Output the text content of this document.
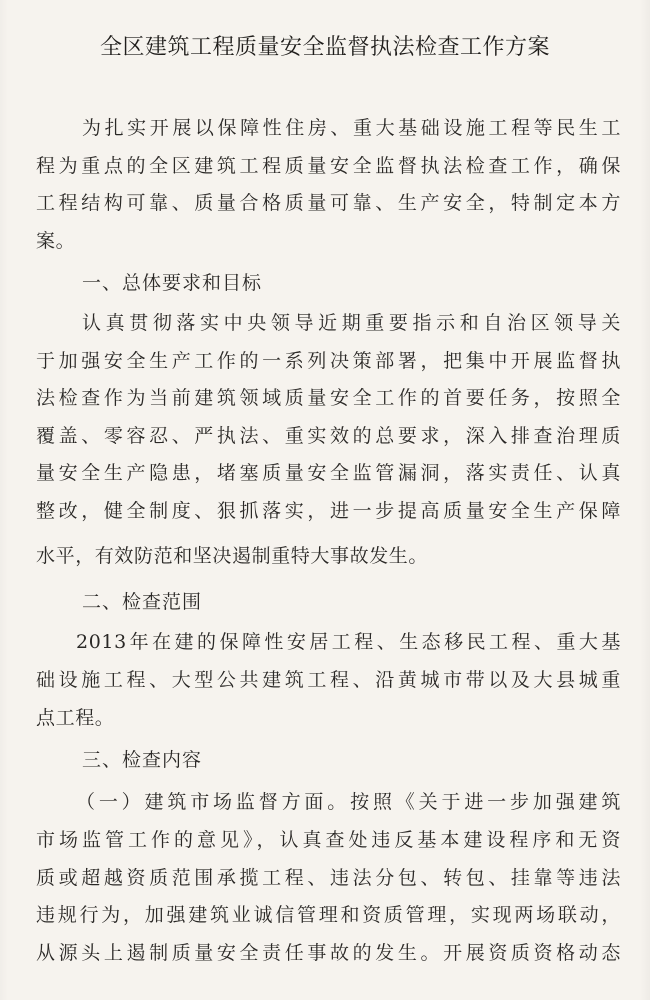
全区建筑工程质量安全监督执法检查工作方案
为扎实开展以保障性住房、重大基础设施工程等民生工
程为重点的全区建筑工程质量安全监督执法检查工作，确保
工程结构可靠、质量合格质量可靠、生产安全，特制定本方
案。
一、总体要求和目标
认真贯彻落实中央领导近期重要指示和自治区领导关
于加强安全生产工作的一系列决策部署，把集中开展监督执
法检查作为当前建筑领域质量安全工作的首要任务，按照全
覆盖、零容忍、严执法、重实效的总要求，深入排查治理质
量安全生产隐患，堵塞质量安全监管漏洞，落实责任、认真
整改，健全制度、狠抓落实，进一步提高质量安全生产保障
水平，有效防范和坚决遏制重特大事故发生。
二、检查范围
2013年在建的保障性安居工程、生态移民工程、重大基
础设施工程、大型公共建筑工程、沿黄城市带以及大县城重
点工程。
三、检查内容
（一）建筑市场监督方面。按照《关于进一步加强建筑
市场监管工作的意见》，认真查处违反基本建设程序和无资
质或超越资质范围承揽工程、违法分包、转包、挂靠等违法
违规行为，加强建筑业诚信管理和资质管理，实现两场联动，
从源头上遏制质量安全责任事故的发生。开展资质资格动态
